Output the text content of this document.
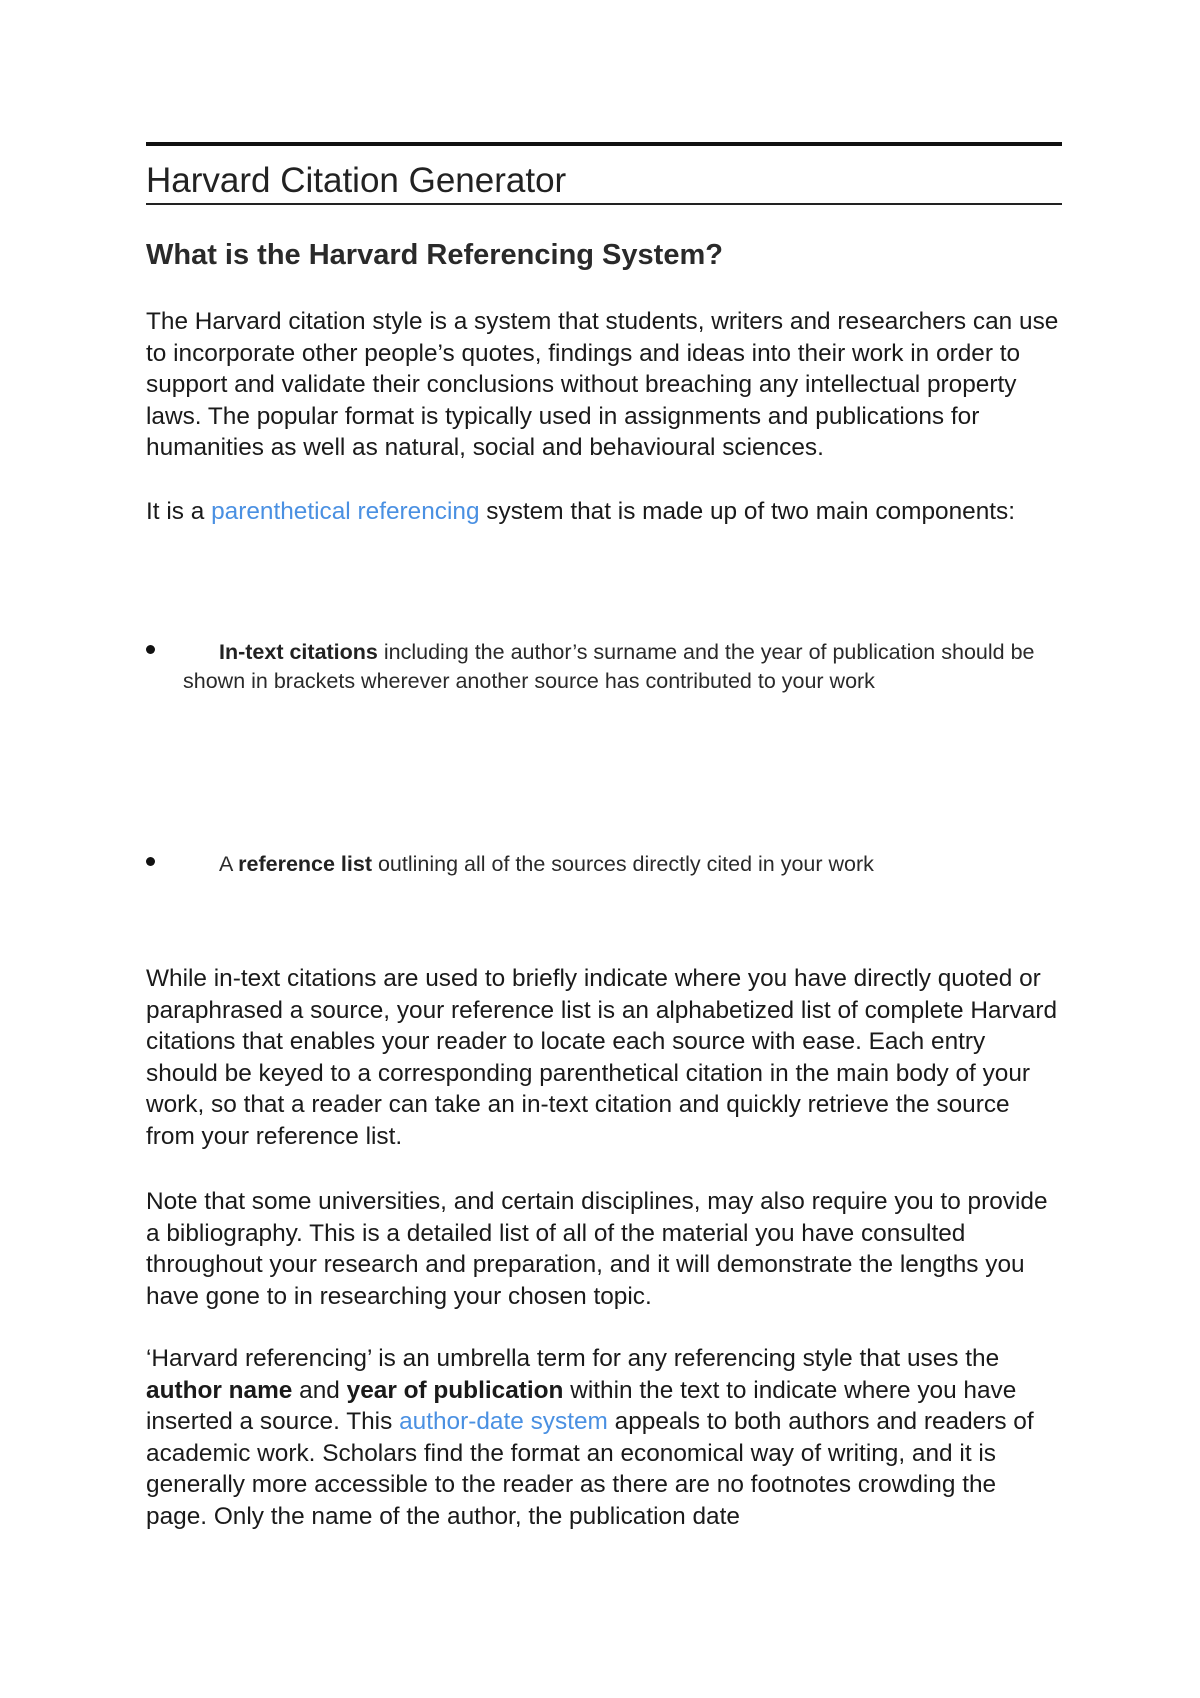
Harvard Citation Generator
What is the Harvard Referencing System?

The Harvard citation style is a system that students, writers and researchers can use to incorporate other people’s quotes, findings and ideas into their work in order to support and validate their conclusions without breaching any intellectual property laws. The popular format is typically used in assignments and publications for humanities as well as natural, social and behavioural sciences.

It is a parenthetical referencing system that is made up of two main components:

In-text citations including the author’s surname and the year of publication should be shown in brackets wherever another source has contributed to your work

A reference list outlining all of the sources directly cited in your work

While in-text citations are used to briefly indicate where you have directly quoted or paraphrased a source, your reference list is an alphabetized list of complete Harvard citations that enables your reader to locate each source with ease. Each entry should be keyed to a corresponding parenthetical citation in the main body of your work, so that a reader can take an in-text citation and quickly retrieve the source from your reference list.

Note that some universities, and certain disciplines, may also require you to provide a bibliography. This is a detailed list of all of the material you have consulted throughout your research and preparation, and it will demonstrate the lengths you have gone to in researching your chosen topic.

‘Harvard referencing’ is an umbrella term for any referencing style that uses the author name and year of publication within the text to indicate where you have inserted a source. This author-date system appeals to both authors and readers of academic work. Scholars find the format an economical way of writing, and it is generally more accessible to the reader as there are no footnotes crowding the page. Only the name of the author, the publication date
